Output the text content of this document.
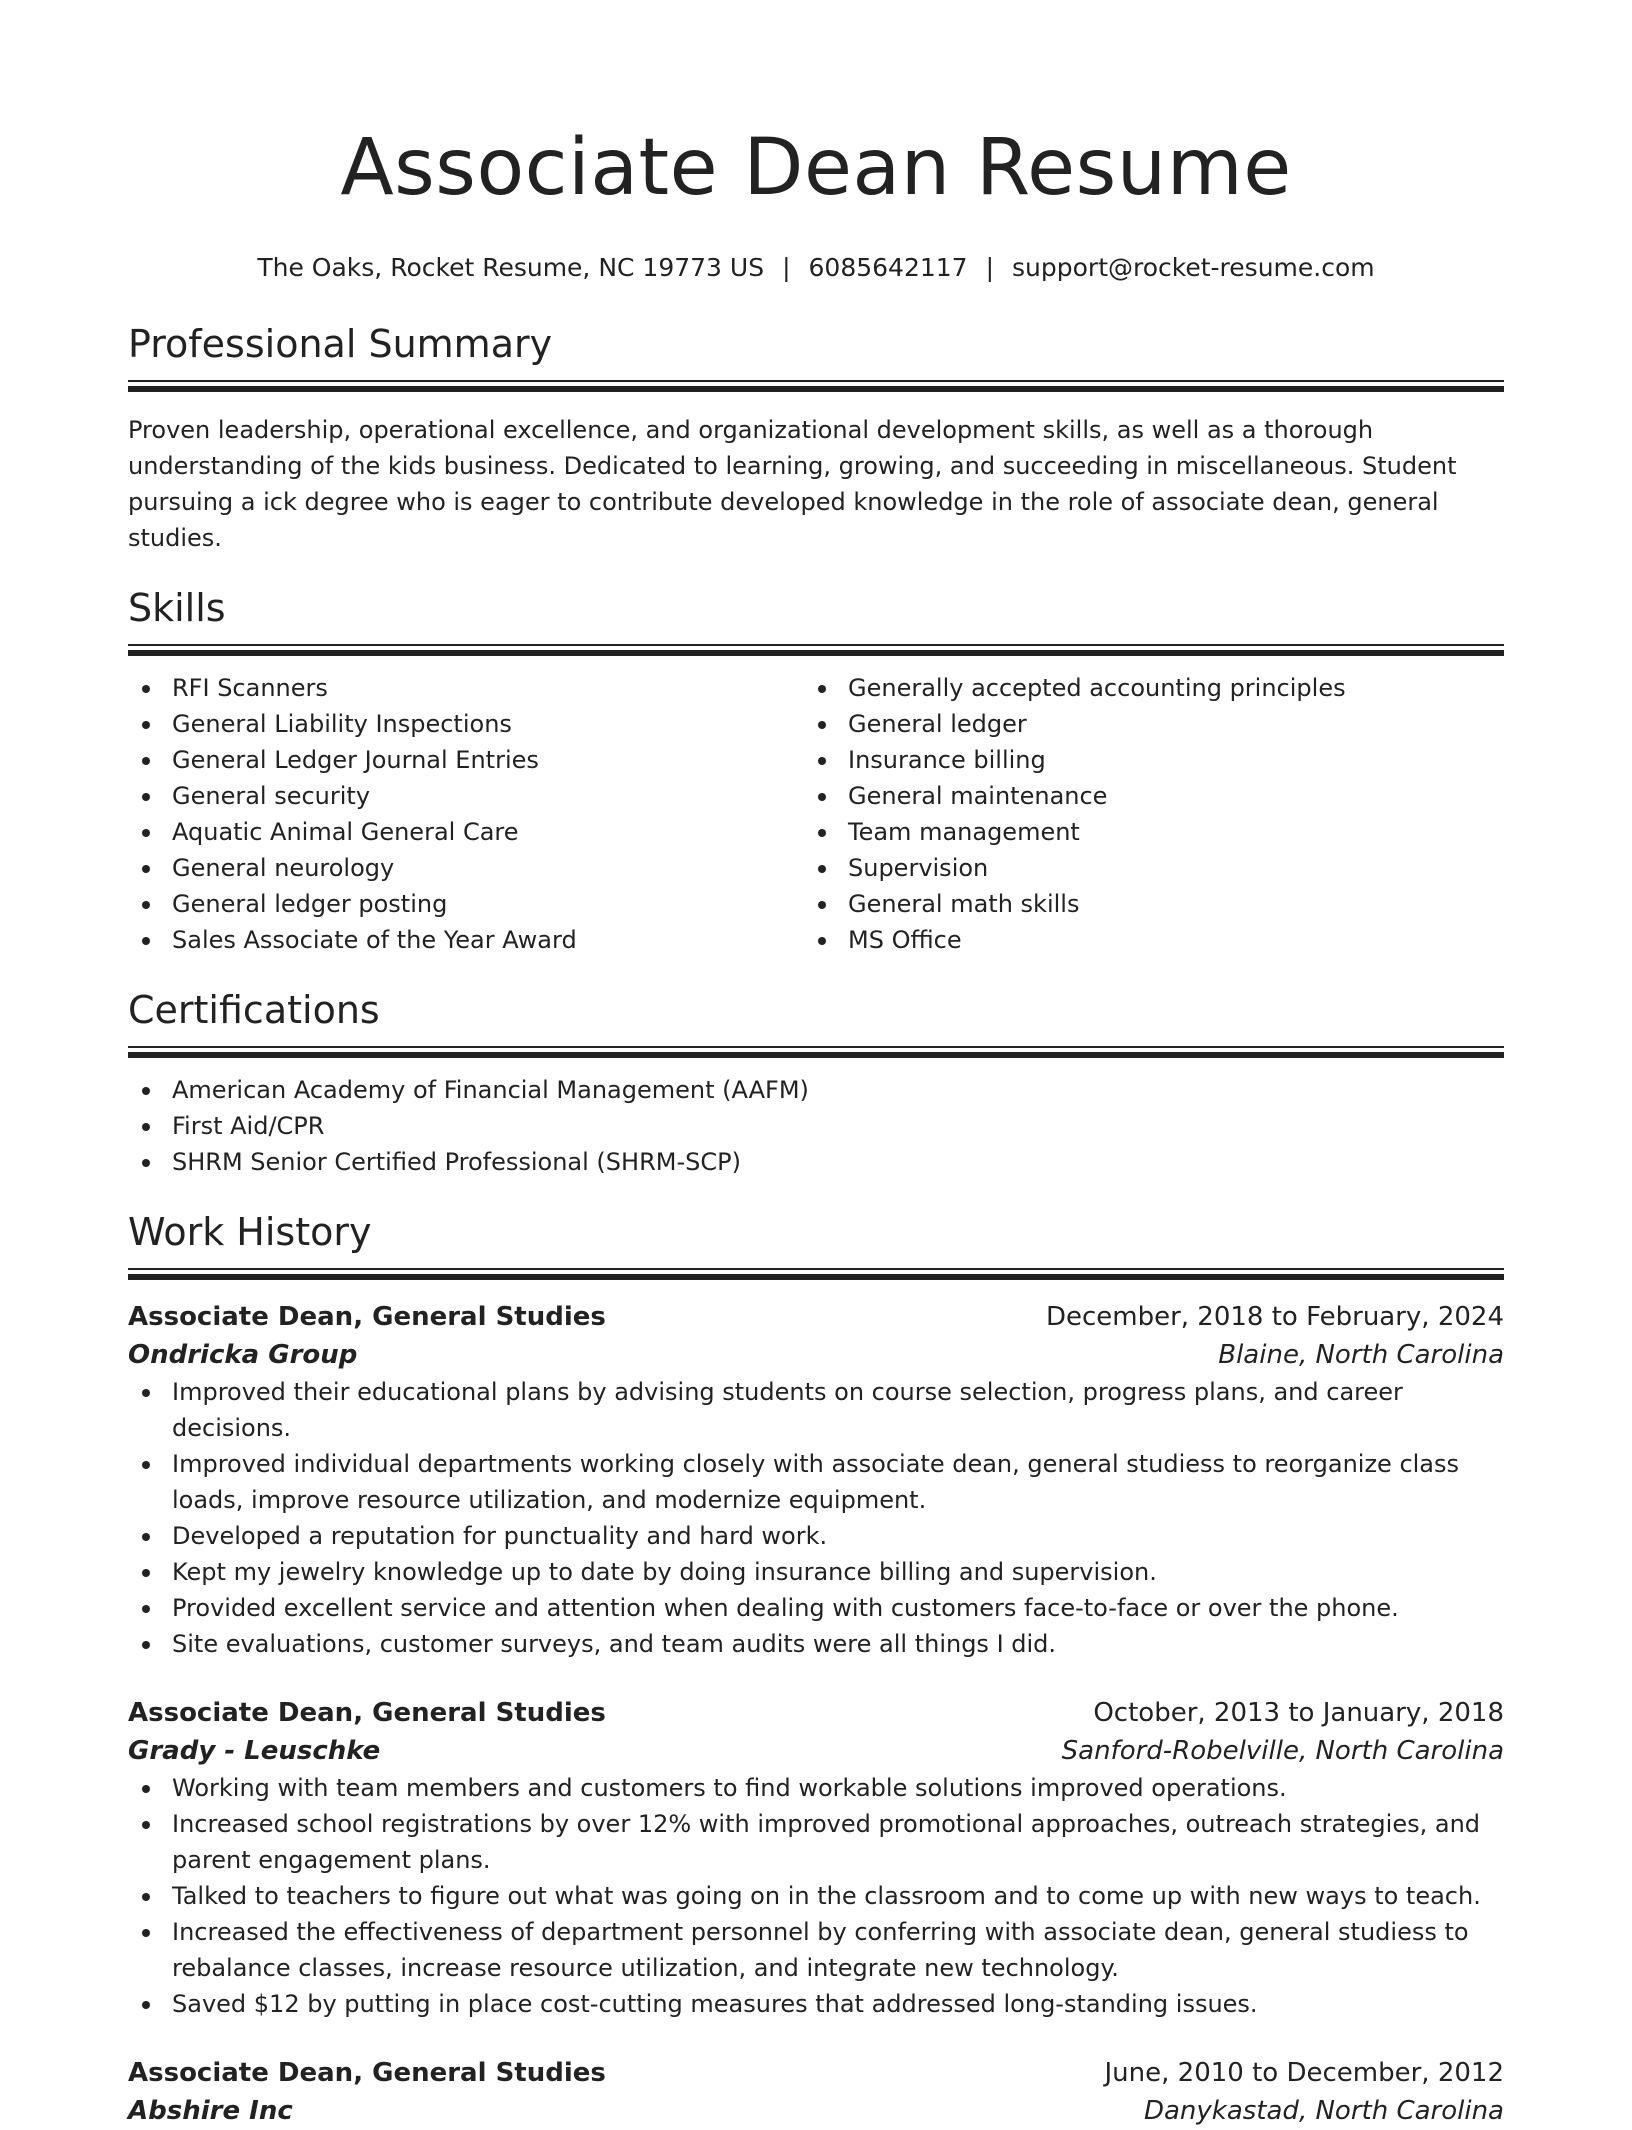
Associate Dean Resume
The Oaks, Rocket Resume, NC 19773 US | 6085642117 | support@rocket-resume.com
Professional Summary

Proven leadership, operational excellence, and organizational development skills, as well as a thorough understanding of the kids business. Dedicated to learning, growing, and succeeding in miscellaneous. Student pursuing a ick degree who is eager to contribute developed knowledge in the role of associate dean, general studies.

Skills
RFI Scanners
General Liability Inspections
General Ledger Journal Entries
General security
Aquatic Animal General Care
General neurology
General ledger posting
Sales Associate of the Year Award
Generally accepted accounting principles
General ledger
Insurance billing
General maintenance
Team management
Supervision
General math skills
MS Office
Certifications
American Academy of Financial Management (AAFM)
First Aid/CPR
SHRM Senior Certified Professional (SHRM-SCP)
Work History
Associate Dean, General Studies	December, 2018 to February, 2024
Ondricka Group	Blaine, North Carolina
Improved their educational plans by advising students on course selection, progress plans, and career decisions.
Improved individual departments working closely with associate dean, general studiess to reorganize class loads, improve resource utilization, and modernize equipment.
Developed a reputation for punctuality and hard work.
Kept my jewelry knowledge up to date by doing insurance billing and supervision.
Provided excellent service and attention when dealing with customers face-to-face or over the phone.
Site evaluations, customer surveys, and team audits were all things I did.
Associate Dean, General Studies	October, 2013 to January, 2018
Grady - Leuschke	Sanford-Robelville, North Carolina
Working with team members and customers to find workable solutions improved operations.
Increased school registrations by over 12% with improved promotional approaches, outreach strategies, and parent engagement plans.
Talked to teachers to figure out what was going on in the classroom and to come up with new ways to teach.
Increased the effectiveness of department personnel by conferring with associate dean, general studiess to rebalance classes, increase resource utilization, and integrate new technology.
Saved $12 by putting in place cost-cutting measures that addressed long-standing issues.
Associate Dean, General Studies	June, 2010 to December, 2012
Abshire Inc	Danykastad, North Carolina
